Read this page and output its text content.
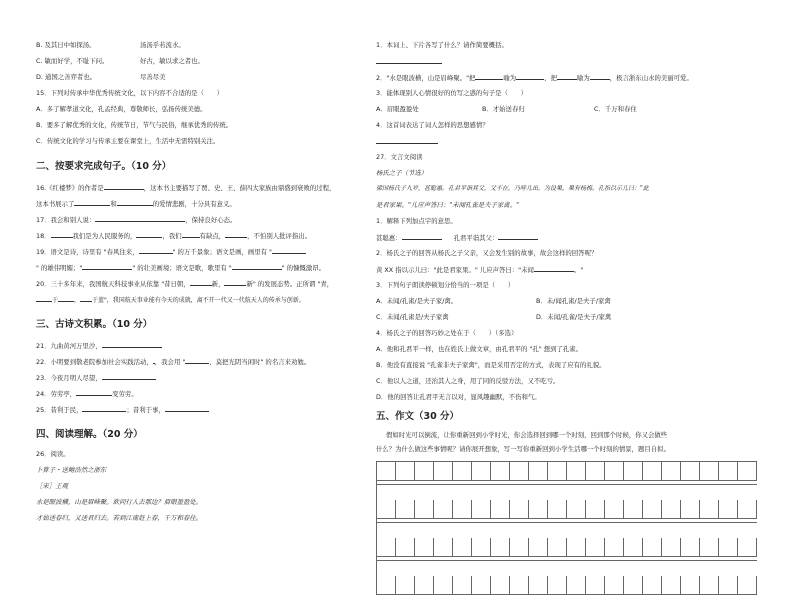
B. 及其日中如探汤。	汤汤乎若流水。
C. 敏而好学，不耻下问。	好古，敏以求之者也。
D. 通国之善弈者也。	尽善尽美
15．下列对传承中华优秀传统文化，以下内容不合适的是（　　）
A．多了解孝道文化，孔孟经典，尊敬师长，弘扬传统美德。
B．要多了解优秀的文化，传统节日，节气与民俗，继承优秀的传统。
C．传统文化的学习与传承主要在课堂上，生活中无需特别关注。
二、按要求完成句子。（10 分）
16.《红楼梦》的作者是	，这本书主要描写了贾、史、王、薛四大家族由鼎盛到衰败的过程，
这本书展示了	和	的爱情悲剧，十分具有意义。
17．我会和别人说：	，保持良好心态。
18．	我们是为人民服务的，	，我们	有缺点，	，不怕别人批评指出。
19．语文是诗，诗里有 "春风往来，	" 的万千景象；语文是画，画里有 "
" 的雄伟明媚；"	" 的壮美画境；语文是歌，歌里有 "	" 的慷慨激昂。
20．三十多年来，我国航天科技事业从依靠 "昔日朝，	新，	新" 的发展态势。正所谓 "青，
于	， 于蓝"，我国航天事业能有今天的成就，离不开一代又一代航天人的传承与创新。
三、古诗文积累。（10 分）
21．九曲黄河万里沙，
22．小明要到敬老院参加社会实践活动， ，我会用 "	，莫把光阴当闲时" 的名言来劝勉。
23．今夜月明人尽望，
24．劳劳亭，	变劳劳。
25．昔利于民，	；昔利于事，
四、阅读理解。（20 分）
26．阅读。
卜算子・送鲍浩然之浙东
［宋］王观
水是眼波横，山是眉峰聚。欲问行人去那边？眉眼盈盈处。
才始送春归，又送君归去。若到江南赶上春，千万和春住。
1．本词上、下片各写了什么？请作简要概括。
2．"水是眼波横，山是眉峰聚。"把	喻为	，把	喻为	，极言浙东山水的美丽可爱。
3．能体现别人心情很好的仿写之惑的句子是（　　）
A．眉眼盈盈处	B．才始送春归	C．千万和春住
4．这首词表达了词人怎样的思想感情？
27．文言文阅读
杨氏之子（节选）
梁国杨氏子九岁，甚聪惠。孔君平诣其父，父不在，乃呼儿出。为设果，果有杨梅。孔指以示儿曰："此
是君家果。"儿应声答曰："未闻孔雀是夫子家禽。"
1．解释下列加点字的意思。
甚聪惠：	孔君平诣其父：
2．杨氏之子的回答从杨氏之子父亲，又会发生别的故事，故会这样的回答呢？
黄 XX 指以示儿曰："此是君家果。" 儿应声答曰："未闻	。"
3．下列句子朗读停顿划分恰当的一项是（　　）
A．未闻/孔雀/是夫子家/禽。	B．未/闻孔雀/是夫子/家禽
C．未闻/孔雀是/夫子家禽	D．未闻/孔雀/是夫子/家禽
4．杨氏之子的回答巧妙之处在于（　　）（多选）
A．他和孔君平一样，也在姓氏上做文章，由孔君平的 "孔" 想到了孔雀。
B．他没有直接说 "孔雀非夫子家禽"，而是采用否定的方式，表现了应有的礼貌。
C．他以人之道，还治其人之身，用了同的反驳方法，又不吃亏。
D．他的回答让孔君平无言以对，显风趣幽默，不伤和气。
五、作文（30 分）
假如时光可以倒流，让你重新回到小学时光，你会选择回到哪一个时刻，回到那个时候，你又会做些
什么？为什么做这些事情呢？请你展开想象，写一写你重新回到小学生活哪一个时刻的情景，题目自拟。
